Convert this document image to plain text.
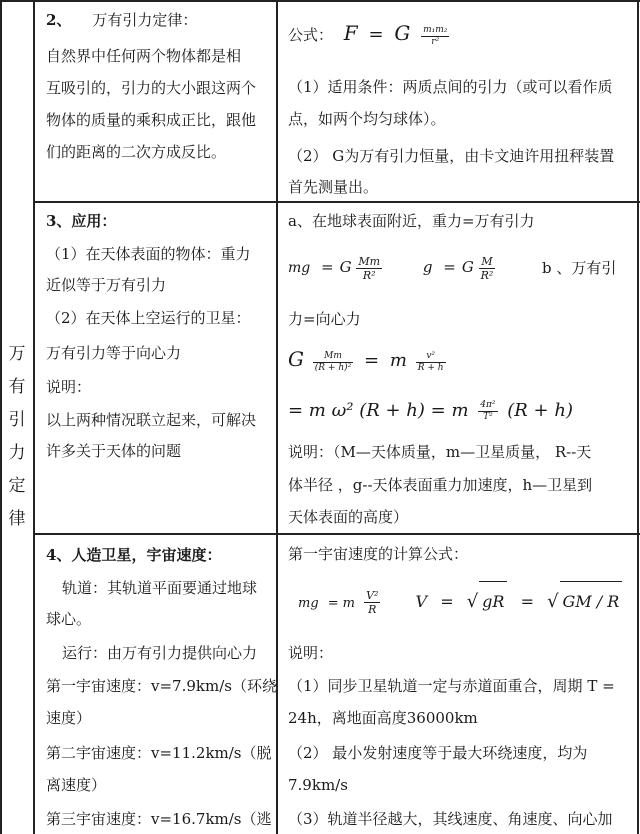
万
有
引
力
定
律
2、 万有引力定律：
自然界中任何两个物体都是相
互吸引的，引力的大小跟这两个
物体的质量的乘积成正比，跟他
们的距离的二次方成反比。
公式： F = G $\frac{\text{m₁m₂}}{\text{r²}}$
（1）适用条件：两质点间的引力（或可以看作质
点，如两个均匀球体）。
（2） G为万有引力恒量，由卡文迪许用扭秤装置
首先测量出。
3、应用：
（1）在天体表面的物体：重力
近似等于万有引力
（2）在天体上空运行的卫星：
万有引力等于向心力
说明：
以上两种情况联立起来，可解决
许多关于天体的问题
a、在地球表面附近，重力=万有引力
mg = G $\frac{Mm}{\text{R²}}$	g = G $\frac{M}{\text{R²}}$	b 、万有引
力=向心力
G $\frac{Mm}{\text{(R + h)²}} = m \frac{\text{v²}}{R + h}$
= m ω² (R + h) = m $\frac{\text{4π²}}{\text{T²}} (R + h)$
说明：（M—天体质量，m—卫星质量， R--天
体半径 ，g--天体表面重力加速度，h—卫星到
天体表面的高度）
4、人造卫星，宇宙速度：
轨道：其轨道平面要通过地球
球心。
运行：由万有引力提供向心力
第一宇宙速度：v=7.9km/s（环绕
速度）
第二宇宙速度：v=11.2km/s（脱
离速度）
第三宇宙速度：v=16.7km/s（逃
第一宇宙速度的计算公式：
mg = m $\frac{\text{V²}}{R}$ V = √ gR = √ GM / R
说明：
（1）同步卫星轨道一定与赤道面重合，周期 T =
24h，离地面高度36000km
（2） 最小发射速度等于最大环绕速度，均为
7.9km/s
（3）轨道半径越大，其线速度、角速度、向心加
